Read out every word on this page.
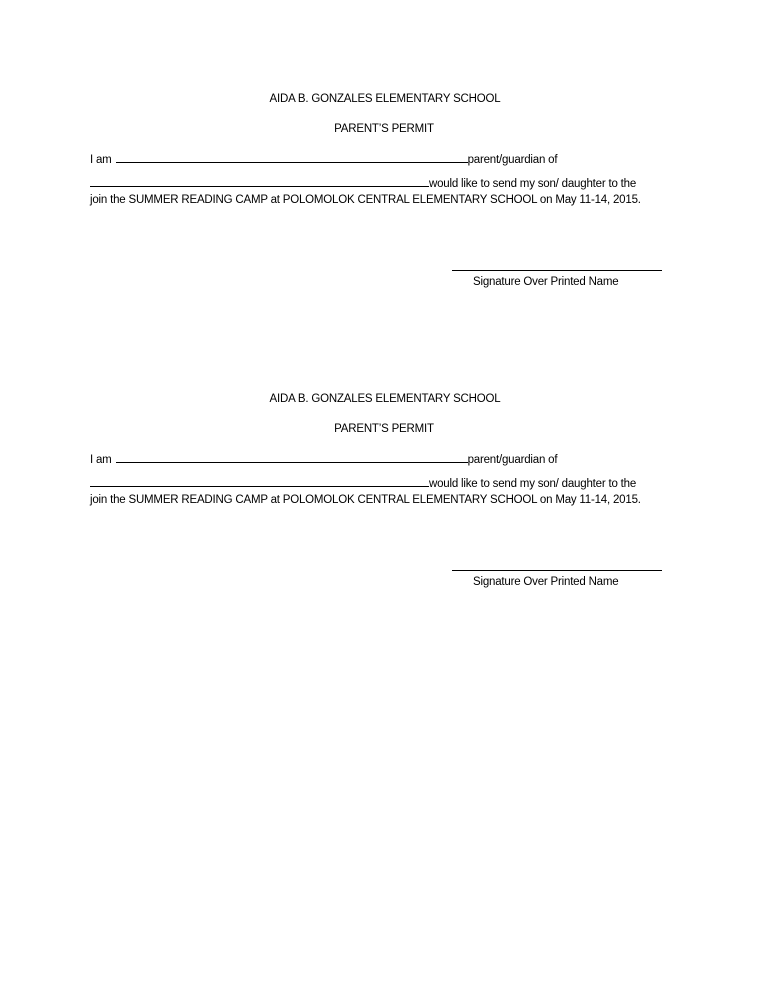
AIDA B. GONZALES ELEMENTARY SCHOOL
PARENT’S PERMIT
I am	parent/guardian of
would like to send my son/ daughter to the
join the SUMMER READING CAMP at POLOMOLOK CENTRAL ELEMENTARY SCHOOL on May 11-14, 2015.
Signature Over Printed Name
AIDA B. GONZALES ELEMENTARY SCHOOL
PARENT’S PERMIT
I am	parent/guardian of
would like to send my son/ daughter to the
join the SUMMER READING CAMP at POLOMOLOK CENTRAL ELEMENTARY SCHOOL on May 11-14, 2015.
Signature Over Printed Name
